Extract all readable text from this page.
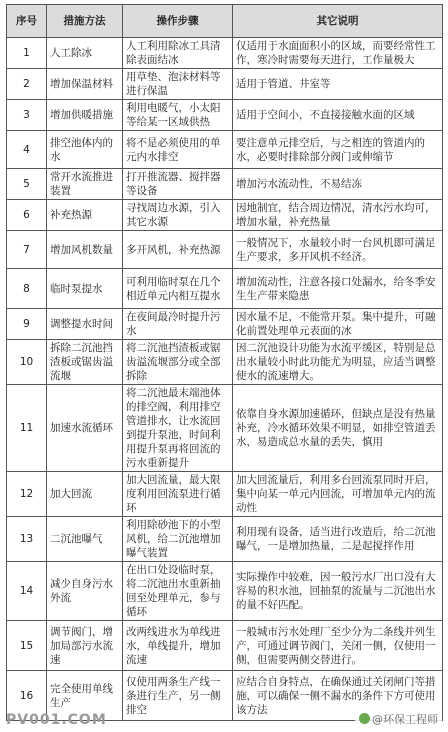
序号	措施方法	操作步骤	其它说明
1	人工除冰	人工利用除冰工具清除表面结冰	仅适用于水面面积小的区域，而要经常性工作，寒冷时需要每天进行，工作量极大
2	增加保温材料	用草垫、泡沫材料等进行保温	适用于管道、井室等
3	增加供暖措施	利用电暖气，小太阳等给某一区域供热	适用于空间小，不直接接触水面的区域
4	排空池体内的水	将不是必须使用的单元内水排空	要注意单元排空后，与之相连的管道内的水，必要时排除部分阀门或伸缩节
5	常开水流推进装置	打开推流器、搅拌器等设备	增加污水流动性，不易结冻
6	补充热源	寻找周边水源，引入其它水源	因地制宜，结合周边情况，清水污水均可，增加水量，补充热量
7	增加风机数量	多开风机，补充热源	一般情况下，水量较小时一台风机即可满足生产要求，多开风机不经济。
8	临时泵提水	可利用临时泵在几个相近单元内相互提水	增加流动性，注意各接口处漏水，给冬季安生生产带来隐患
9	调整提水时间	在夜间最冷时提升污水	因水量不足，不能常开泵。集中提升，可融化前置处理单元表面的冰
10	拆除二沉池挡渣板或锯齿溢流堰	将二沉池挡渣板或锯齿溢流堰部分或全部拆除	因二沉池设计功能为水流平缓区，特别是总出水量较小时此功能尤为明显，应适当调整使水的流速增大。
11	加速水流循环	将二沉池最末端池体的排空阀，利用排空管道排水，让水流回到提升泵池，时间利用提升泵再将回流的污水重新提升	依靠自身水源加速循环，但缺点是没有热量补充，冷水循环效果不明显，如排空管道丢水，易造成总水量的丢失，慎用
12	加大回流	加大回流量，最大限度利用回流泵进行循环	加大回流量后，利用多台回流泵同时开启，集中向某一单元内回流，可增加单元内的流动性
13	二沉池曝气	利用除砂池下的小型风机，给二沉池增加曝气装置	利用现有设备，适当进行改造后，给二沉池曝气，一是增加热量，二是起搅拌作用
14	减少自身污水外流	在出口处设临时泵，将二沉池出水重新抽回至处理单元，参与循环	实际操作中较难，因一般污水厂出口没有大容易的积水池，回抽泵的流量与二沉池出水的量不好匹配。
15	调节阀门，增加局部污水流速	改两线进水为单线进水，单线提升，增加流速	一般城市污水处理厂至少分为二条线并列生产，可通过调节阀门，关闭一侧，仅使用一侧，但需要两侧交替进行。
16	完全使用单线生产	仅使用两条生产线一条进行生产，另一侧排空	应结合自身特点，在确保通过关闭闸门等措施，可以确保一侧不漏水的条件下方可使用该方法
PV001.COM	@环保工程师
